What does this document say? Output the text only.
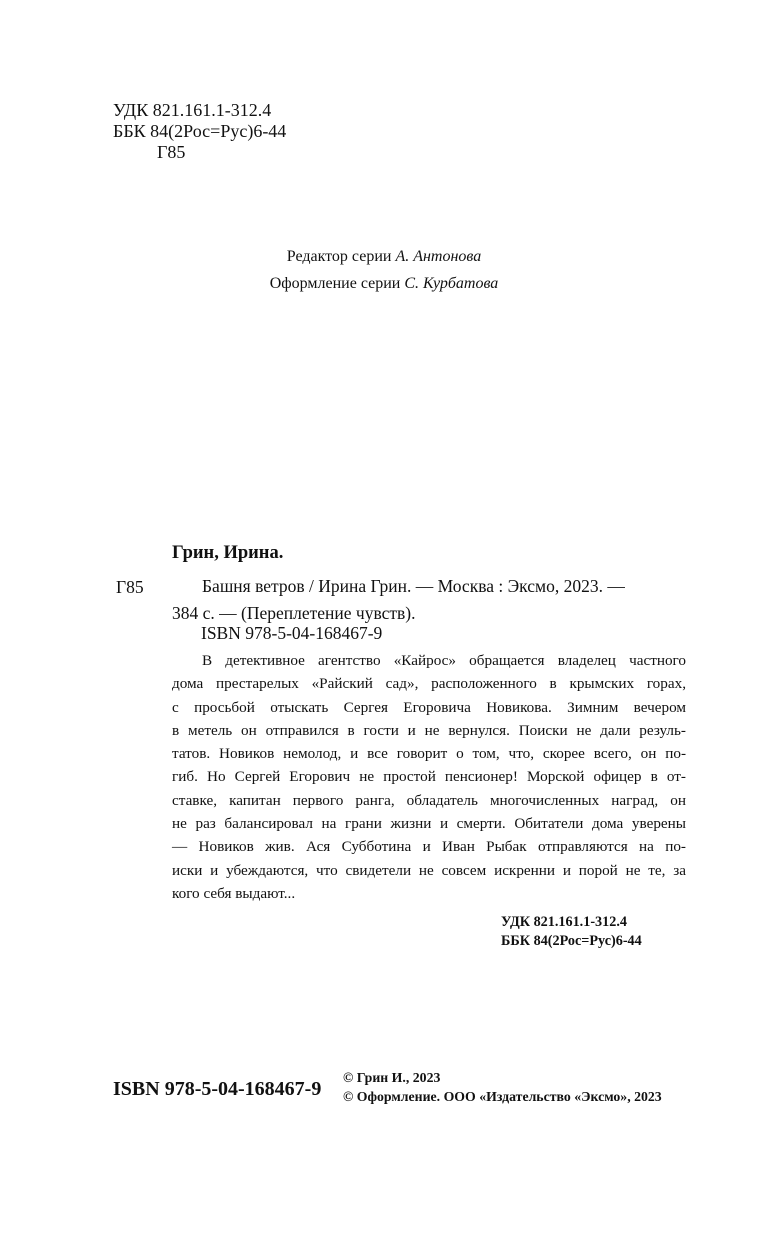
УДК 821.161.1-312.4
ББК 84(2Рос=Рус)6-44
Г85
Редактор серии А. Антонова
Оформление серии С. Курбатова
Грин, Ирина.
Г85	Башня ветров / Ирина Грин. — Москва : Эксмо, 2023. —
384 с. — (Переплетение чувств).
ISBN 978-5-04-168467-9
В детективное агентство «Кайрос» обращается владелец частного
дома престарелых «Райский сад», расположенного в крымских горах,
с просьбой отыскать Сергея Егоровича Новикова. Зимним вечером
в метель он отправился в гости и не вернулся. Поиски не дали резуль-
татов. Новиков немолод, и все говорит о том, что, скорее всего, он по-
гиб. Но Сергей Егорович не простой пенсионер! Морской офицер в от-
ставке, капитан первого ранга, обладатель многочисленных наград, он
не раз балансировал на грани жизни и смерти. Обитатели дома уверены
— Новиков жив. Ася Субботина и Иван Рыбак отправляются на по-
иски и убеждаются, что свидетели не совсем искренни и порой не те, за
кого себя выдают...
УДК 821.161.1-312.4
ББК 84(2Рос=Рус)6-44
ISBN 978-5-04-168467-9
© Грин И., 2023
© Оформление. ООО «Издательство «Эксмо», 2023
